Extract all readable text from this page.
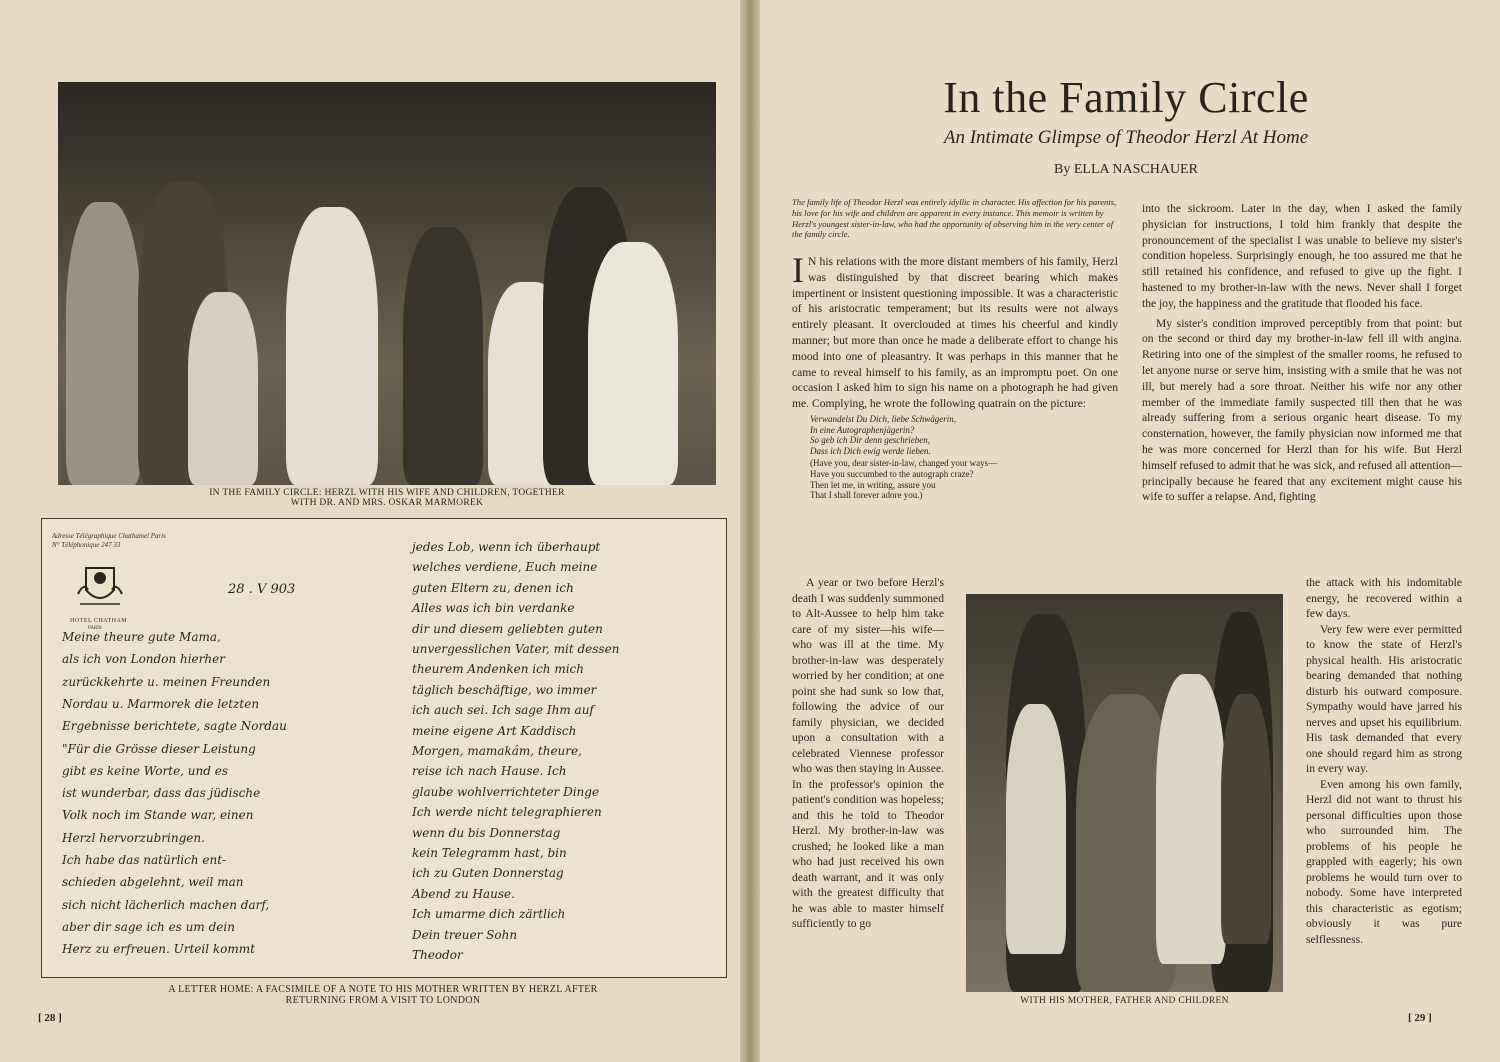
IN THE FAMILY CIRCLE: HERZL WITH HIS WIFE AND CHILDREN, TOGETHER
WITH DR. AND MRS. OSKAR MARMOREK
Adresse Télégraphique Chathamel Paris
N° Téléphonique 247 33
HOTEL CHATHAM
PARIS
28 . V 903
Meine theure gute Mama,
als ich von London hierher
zurückkehrte u. meinen Freunden
Nordau u. Marmorek die letzten
Ergebnisse berichtete, sagte Nordau
"Für die Grösse dieser Leistung
gibt es keine Worte, und es
ist wunderbar, dass das jüdische
Volk noch im Stande war, einen
Herzl hervorzubringen.
Ich habe das natürlich ent-
schieden abgelehnt, weil man
sich nicht lächerlich machen darf,
aber dir sage ich es um dein
Herz zu erfreuen. Urteil kommt
jedes Lob, wenn ich überhaupt
welches verdiene, Euch meine
guten Eltern zu, denen ich
Alles was ich bin verdanke
dir und diesem geliebten guten
unvergesslichen Vater, mit dessen
theurem Andenken ich mich
täglich beschäftige, wo immer
ich auch sei. Ich sage Ihm auf
meine eigene Art Kaddisch
Morgen, mamakám, theure,
reise ich nach Hause. Ich
glaube wohlverrichteter Dinge
Ich werde nicht telegraphieren
wenn du bis Donnerstag
kein Telegramm hast, bin
ich zu Guten Donnerstag
Abend zu Hause.
Ich umarme dich zärtlich
Dein treuer Sohn
Theodor
A LETTER HOME: A FACSIMILE OF A NOTE TO HIS MOTHER WRITTEN BY HERZL AFTER
RETURNING FROM A VISIT TO LONDON
[ 28 ]
In the Family Circle
An Intimate Glimpse of Theodor Herzl At Home
By ELLA NASCHAUER
The family life of Theodor Herzl was entirely idyllic in character. His affection for his parents, his love for his wife and children are apparent in every instance. This memoir is written by Herzl's youngest sister-in-law, who had the opportunity of observing him in the very center of the family circle.

I N his relations with the more distant members of his family, Herzl was distinguished by that discreet bearing which makes impertinent or insistent questioning impossible. It was a characteristic of his aristocratic temperament; but its results were not always entirely pleasant. It overclouded at times his cheerful and kindly manner; but more than once he made a deliberate effort to change his mood into one of pleasantry. It was perhaps in this manner that he came to reveal himself to his family, as an impromptu poet. On one occasion I asked him to sign his name on a photograph he had given me. Complying, he wrote the following quatrain on the picture:

Verwandelst Du Dich, liebe Schwägerin,
In eine Autographenjägerin?
So geb ich Dir denn geschrieben,
Dass ich Dich ewig werde lieben.
(Have you, dear sister-in-law, changed your ways—
Have you succumbed to the autograph craze?
Then let me, in writing, assure you
That I shall forever adore you.)

A year or two before Herzl's death I was suddenly summoned to Alt-Aussee to help him take care of my sister—his wife—who was ill at the time. My brother-in-law was desperately worried by her condition; at one point she had sunk so low that, following the advice of our family physician, we decided upon a consultation with a celebrated Viennese professor who was then staying in Aussee. In the professor's opinion the patient's condition was hopeless; and this he told to Theodor Herzl. My brother-in-law was crushed; he looked like a man who had just received his own death warrant, and it was only with the greatest difficulty that he was able to master himself sufficiently to go

into the sickroom. Later in the day, when I asked the family physician for instructions, I told him frankly that despite the pronouncement of the specialist I was unable to believe my sister's condition hopeless. Surprisingly enough, he too assured me that he still retained his confidence, and refused to give up the fight. I hastened to my brother-in-law with the news. Never shall I forget the joy, the happiness and the gratitude that flooded his face.

My sister's condition improved perceptibly from that point: but on the second or third day my brother-in-law fell ill with angina. Retiring into one of the simplest of the smaller rooms, he refused to let anyone nurse or serve him, insisting with a smile that he was not ill, but merely had a sore throat. Neither his wife nor any other member of the immediate family suspected till then that he was already suffering from a serious organic heart disease. To my consternation, however, the family physician now informed me that he was more concerned for Herzl than for his wife. But Herzl himself refused to admit that he was sick, and refused all attention—principally because he feared that any excitement might cause his wife to suffer a relapse. And, fighting

the attack with his indomitable energy, he recovered within a few days.

Very few were ever permitted to know the state of Herzl's physical health. His aristocratic bearing demanded that nothing disturb his outward composure. Sympathy would have jarred his nerves and upset his equilibrium. His task demanded that every one should regard him as strong in every way.

Even among his own family, Herzl did not want to thrust his personal difficulties upon those who surrounded him. The problems of his people he grappled with eagerly; his own problems he would turn over to nobody. Some have interpreted this characteristic as egotism; obviously it was pure selflessness.

WITH HIS MOTHER, FATHER AND CHILDREN
[ 29 ]
